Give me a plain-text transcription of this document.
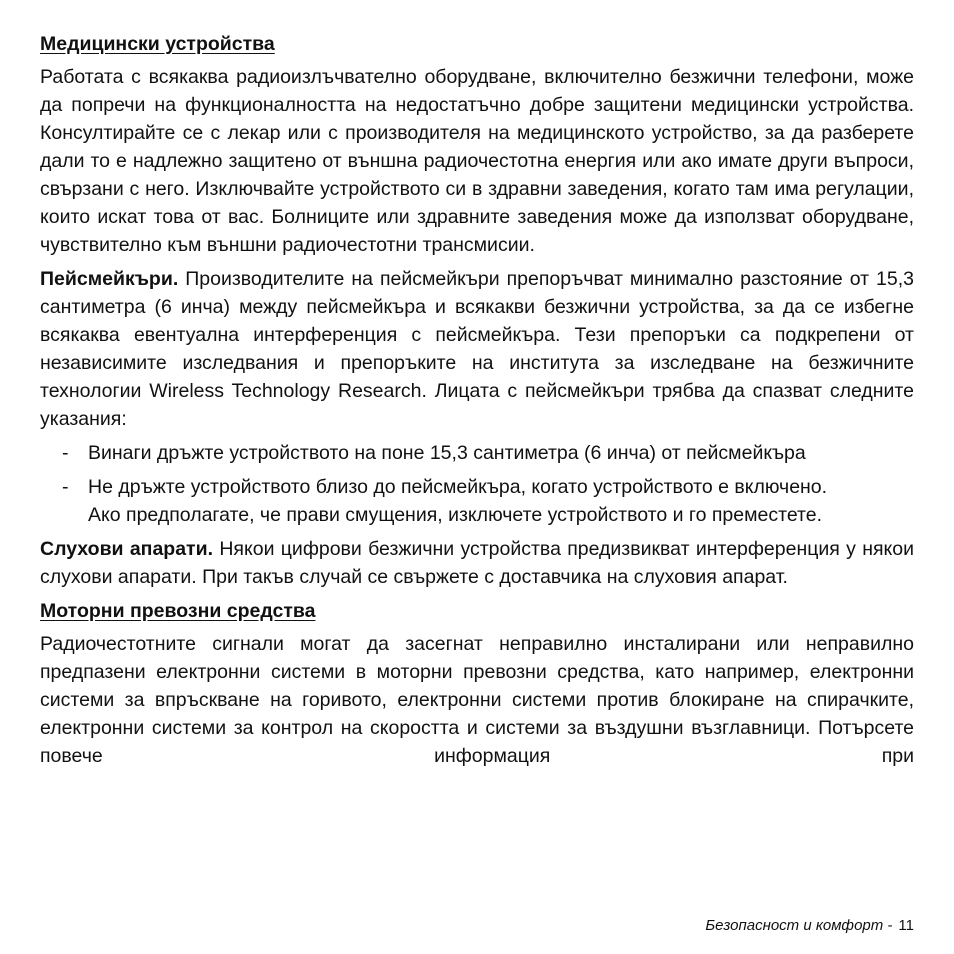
Медицински устройства

Работата с всякаква радиоизлъчвателно оборудване, включително безжични телефони, може да попречи на функционалността на недостатъчно добре защитени медицински устройства. Консултирайте се с лекар или с производителя на медицинското устройство, за да разберете дали то е надлежно защитено от външна радиочестотна енергия или ако имате други въпроси, свързани с него. Изключвайте устройството си в здравни заведения, когато там има регулации, които искат това от вас. Болниците или здравните заведения може да използват оборудване, чувствително към външни радиочестотни трансмисии.

Пейсмейкъри. Производителите на пейсмейкъри препоръчват минимално разстояние от 15,3 сантиметра (6 инча) между пейсмейкъра и всякакви безжични устройства, за да се избегне всякаква евентуална интерференция с пейсмейкъра. Тези препоръки са подкрепени от независимите изследвания и препоръките на института за изследване на безжичните технологии Wireless Technology Research. Лицата с пейсмейкъри трябва да спазват следните указания:

- Винаги дръжте устройството на поне 15,3 сантиметра (6 инча) от пейсмейкъра
- Не дръжте устройството близо до пейсмейкъра, когато устройството е включено.

Ако предполагате, че прави смущения, изключете устройството и го преместете.

Слухови апарати. Някои цифрови безжични устройства предизвикват интерференция у някои слухови апарати. При такъв случай се свържете с доставчика на слуховия апарат.

Моторни превозни средства

Радиочестотните сигнали могат да засегнат неправилно инсталирани или неправилно предпазени електронни системи в моторни превозни средства, като например, електронни системи за впръскване на горивото, електронни системи против блокиране на спирачките, електронни системи за контрол на скоростта и системи за въздушни възглавници. Потърсете повече информация при

Безопасност и комфорт - 11
